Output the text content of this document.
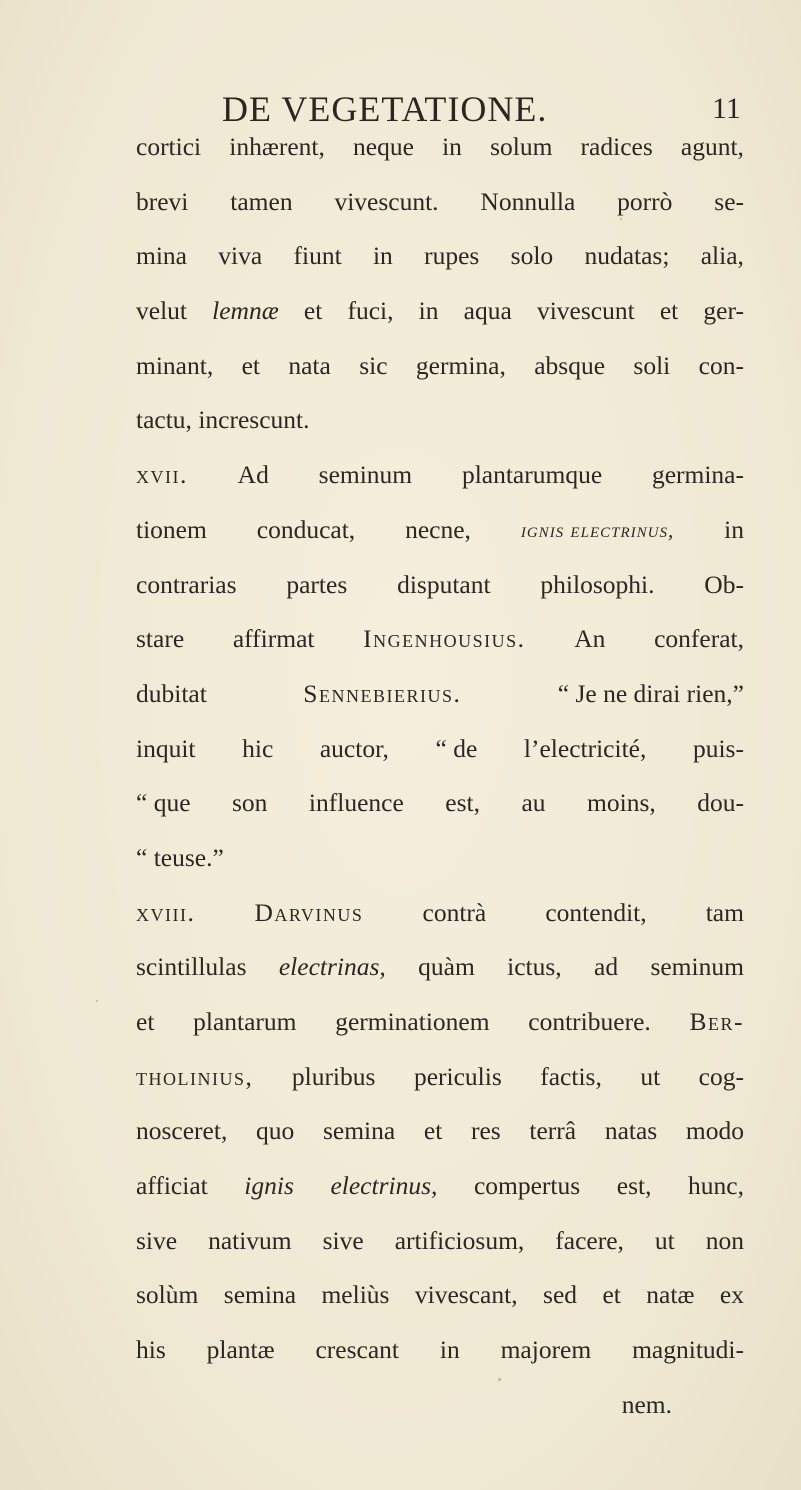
DE VEGETATIONE.	11
cortici inhærent, neque in solum radices agunt,
brevi tamen vivescunt. Nonnulla porrò se-
mina viva fiunt in rupes solo nudatas; alia,
velut lemnæ et fuci, in aqua vivescunt et ger-
minant, et nata sic germina, absque soli con-
tactu,
increscunt.
xvii. Ad seminum plantarumque germina-
tionem conducat, necne, ignis electrinus, in
contrarias partes disputant philosophi. Ob-
stare affirmat Ingenhousius. An conferat,
dubitat	Sennebierius.	“ Je ne dirai rien,”
inquit hic auctor, “ de l’electricité, puis-
“ que son influence est, au moins, dou-
“ teuse.”
xviii. Darvinus contrà contendit, tam
scintillulas electrinas, quàm ictus, ad seminum
et plantarum germinationem contribuere. Ber-
tholinius, pluribus periculis factis, ut cog-
nosceret, quo semina et res terrâ natas modo
afficiat ignis electrinus, compertus est, hunc,
sive nativum sive artificiosum, facere, ut non
solùm semina meliùs vivescant, sed et natæ ex
his plantæ crescant in majorem magnitudi-
nem.
